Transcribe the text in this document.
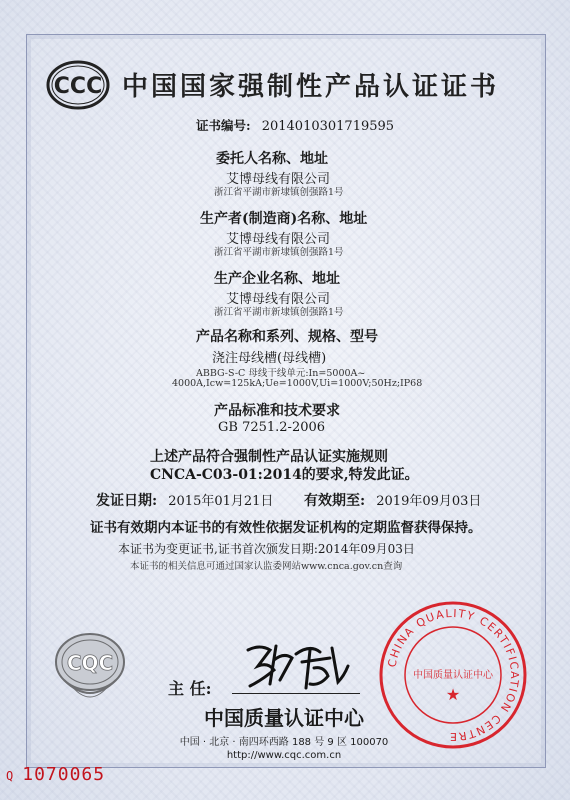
CCC 中国国家强制性产品认证证书
证书编号: 2014010301719595
委托人名称、地址
艾博母线有限公司
浙江省平湖市新埭镇创强路1号
生产者(制造商)名称、地址
艾博母线有限公司
浙江省平湖市新埭镇创强路1号
生产企业名称、地址
艾博母线有限公司
浙江省平湖市新埭镇创强路1号
产品名称和系列、规格、型号
浇注母线槽(母线槽)
ABBG-S-C 母线干线单元:In=5000A~
4000A,Icw=125kA;Ue=1000V,Ui=1000V;50Hz;IP68
产品标准和技术要求
GB 7251.2-2006
上述产品符合强制性产品认证实施规则
CNCA-C03-01:2014的要求,特发此证。
发证日期: 2015年01月21日 有效期至: 2019年09月03日
证书有效期内本证书的有效性依据发证机构的定期监督获得保持。
本证书为变更证书,证书首次颁发日期:2014年09月03日
本证书的相关信息可通过国家认监委网站www.cnca.gov.cn查询
CQC
主 任:
CHINA QUALITY CERTIFICATION CENTRE
中国质量认证中心
★
中国质量认证中心
中国 · 北京 · 南四环西路 188 号 9 区 100070
http://www.cqc.com.cn
Q 1070065
